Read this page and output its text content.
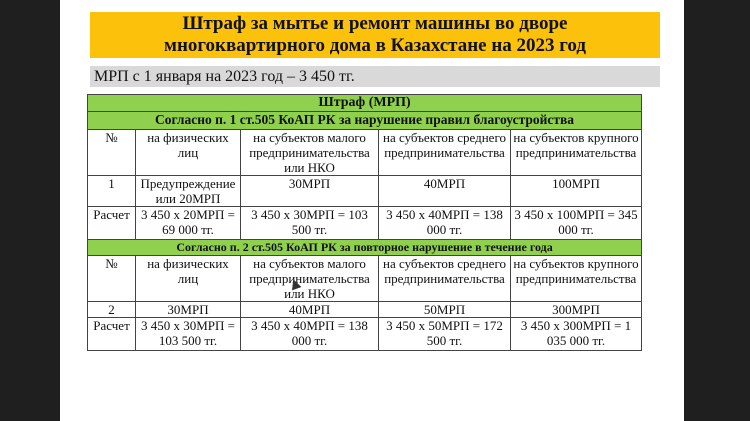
Штраф за мытье и ремонт машины во дворе
многоквартирного дома в Казахстане на 2023 год
МРП с 1 января на 2023 год – 3 450 тг.
Штраф (МРП)				
Согласно п. 1 ст.505 КоАП РК за нарушение правил благоустройства				
№	на физических лиц	на субъектов малого предпринимательства или НКО	на субъектов среднего предпринимательства	на субъектов крупного предпринимательства
1	Предупреждение или 20МРП	30МРП	40МРП	100МРП
Расчет	3 450 х 20МРП = 69 000 тг.	3 450 х 30МРП = 103 500 тг.	3 450 х 40МРП = 138 000 тг.	3 450 х 100МРП = 345 000 тг.
Согласно п. 2 ст.505 КоАП РК за повторное нарушение в течение года				
№	на физических лиц	на субъектов малого предпринимательства или НКО	на субъектов среднего предпринимательства	на субъектов крупного предпринимательства
2	30МРП	40МРП	50МРП	300МРП
Расчет	3 450 х 30МРП = 103 500 тг.	3 450 х 40МРП = 138 000 тг.	3 450 х 50МРП = 172 500 тг.	3 450 х 300МРП = 1 035 000 тг.
